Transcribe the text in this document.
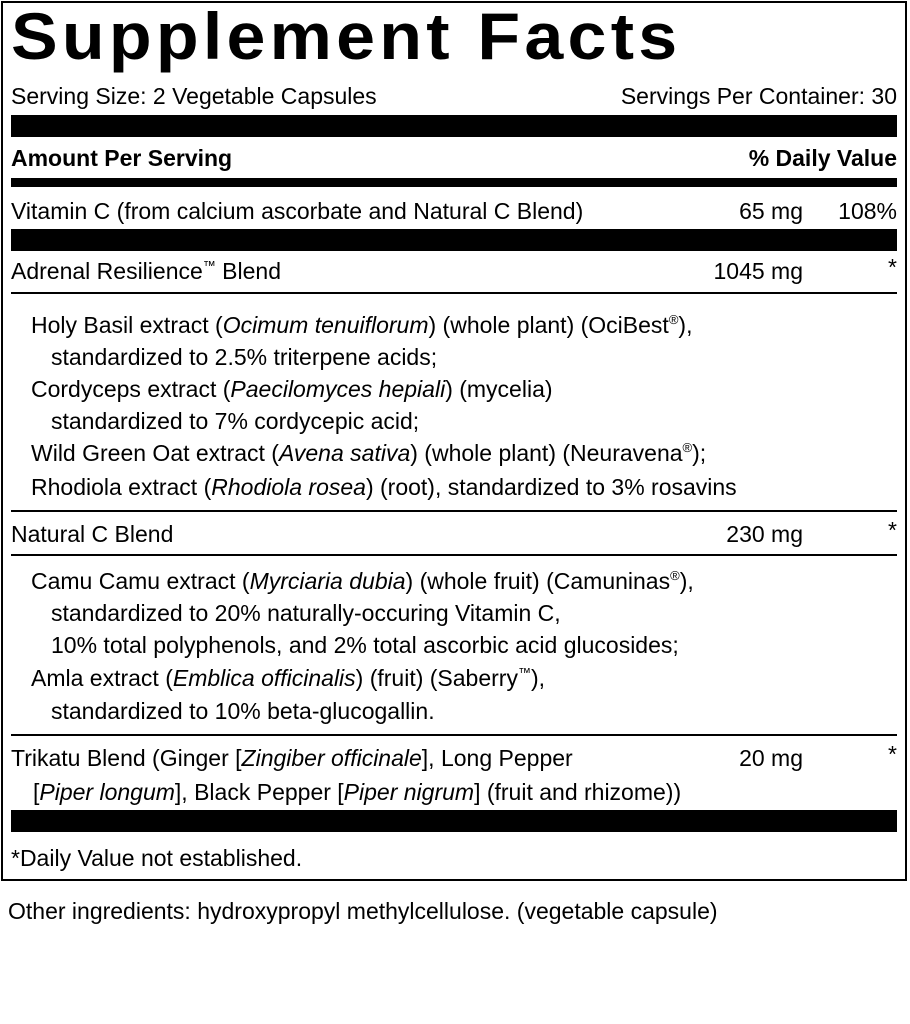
Supplement Facts
Serving Size: 2 Vegetable Capsules	Servings Per Container: 30
Amount Per Serving	% Daily Value
Vitamin C (from calcium ascorbate and Natural C Blend)	65 mg 108%
Adrenal Resilience™ Blend	1045 mg	*
Holy Basil extract (Ocimum tenuiflorum) (whole plant) (OciBest®),
standardized to 2.5% triterpene acids;
Cordyceps extract (Paecilomyces hepiali) (mycelia)
standardized to 7% cordycepic acid;
Wild Green Oat extract (Avena sativa) (whole plant) (Neuravena®);
Rhodiola extract (Rhodiola rosea) (root), standardized to 3% rosavins
Natural C Blend	230 mg	*
Camu Camu extract (Myrciaria dubia) (whole fruit) (Camuninas®),
standardized to 20% naturally-occuring Vitamin C,
10% total polyphenols, and 2% total ascorbic acid glucosides;
Amla extract (Emblica officinalis) (fruit) (Saberry™),
standardized to 10% beta-glucogallin.
Trikatu Blend (Ginger [Zingiber officinale], Long Pepper
[Piper longum], Black Pepper [Piper nigrum] (fruit and rhizome))
20 mg	*
*Daily Value not established.
Other ingredients: hydroxypropyl methylcellulose. (vegetable capsule)
